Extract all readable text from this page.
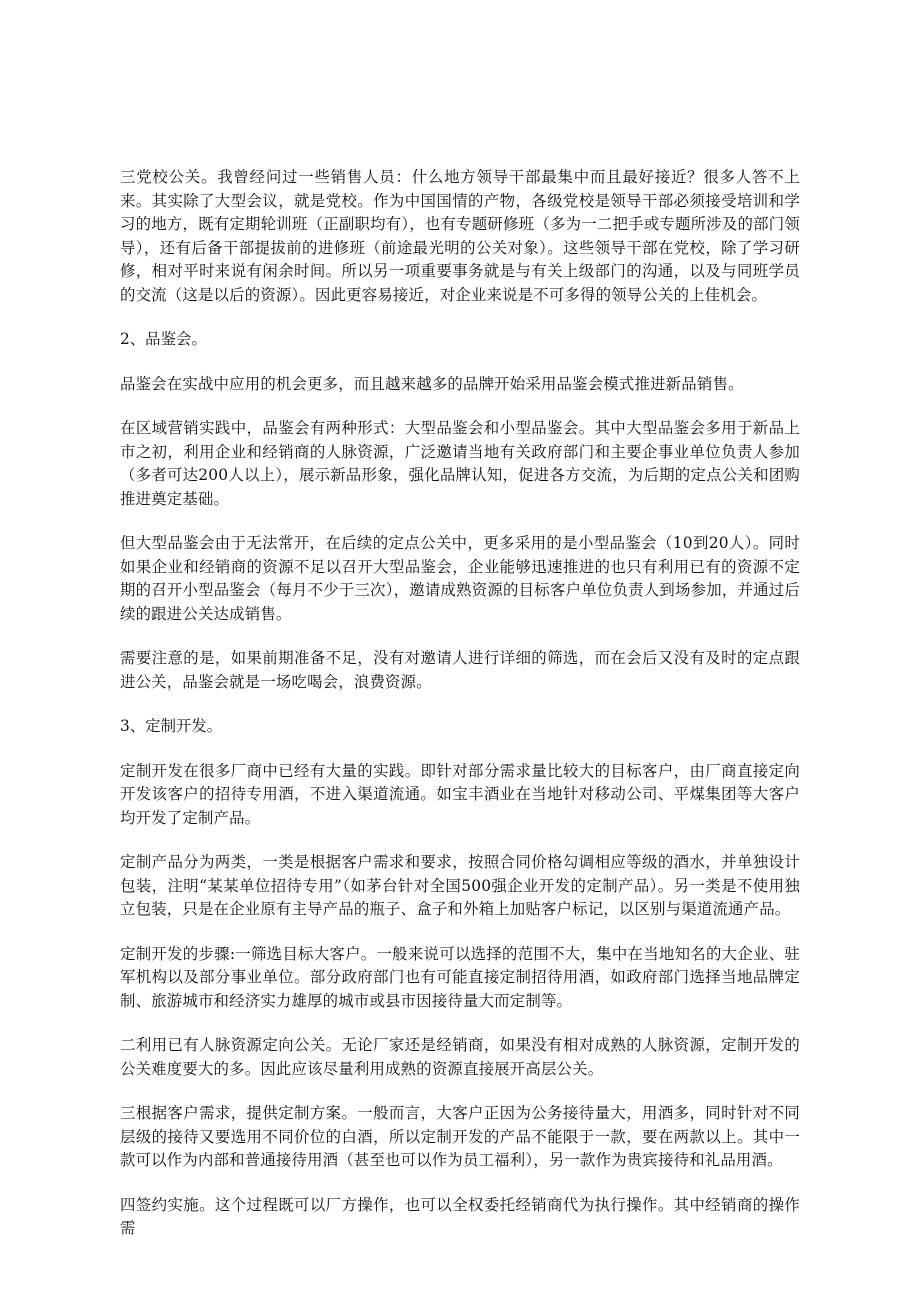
三党校公关。我曾经问过一些销售人员：什么地方领导干部最集中而且最好接近？很多人答不上来。其实除了大型会议，就是党校。作为中国国情的产物，各级党校是领导干部必须接受培训和学习的地方，既有定期轮训班（正副职均有），也有专题研修班（多为一二把手或专题所涉及的部门领导），还有后备干部提拔前的进修班（前途最光明的公关对象）。这些领导干部在党校，除了学习研修，相对平时来说有闲余时间。所以另一项重要事务就是与有关上级部门的沟通，以及与同班学员的交流（这是以后的资源）。因此更容易接近，对企业来说是不可多得的领导公关的上佳机会。

2、品鉴会。

品鉴会在实战中应用的机会更多，而且越来越多的品牌开始采用品鉴会模式推进新品销售。

在区域营销实践中，品鉴会有两种形式：大型品鉴会和小型品鉴会。其中大型品鉴会多用于新品上市之初，利用企业和经销商的人脉资源，广泛邀请当地有关政府部门和主要企事业单位负责人参加（多者可达200人以上），展示新品形象，强化品牌认知，促进各方交流，为后期的定点公关和团购推进奠定基础。

但大型品鉴会由于无法常开，在后续的定点公关中，更多采用的是小型品鉴会（10到20人）。同时如果企业和经销商的资源不足以召开大型品鉴会，企业能够迅速推进的也只有利用已有的资源不定期的召开小型品鉴会（每月不少于三次），邀请成熟资源的目标客户单位负责人到场参加，并通过后续的跟进公关达成销售。

需要注意的是，如果前期准备不足，没有对邀请人进行详细的筛选，而在会后又没有及时的定点跟进公关，品鉴会就是一场吃喝会，浪费资源。

3、定制开发。

定制开发在很多厂商中已经有大量的实践。即针对部分需求量比较大的目标客户，由厂商直接定向开发该客户的招待专用酒，不进入渠道流通。如宝丰酒业在当地针对移动公司、平煤集团等大客户均开发了定制产品。

定制产品分为两类，一类是根据客户需求和要求，按照合同价格勾调相应等级的酒水，并单独设计包装，注明“某某单位招待专用”（如茅台针对全国500强企业开发的定制产品）。另一类是不使用独立包装，只是在企业原有主导产品的瓶子、盒子和外箱上加贴客户标记，以区别与渠道流通产品。

定制开发的步骤:一筛选目标大客户。一般来说可以选择的范围不大，集中在当地知名的大企业、驻军机构以及部分事业单位。部分政府部门也有可能直接定制招待用酒，如政府部门选择当地品牌定制、旅游城市和经济实力雄厚的城市或县市因接待量大而定制等。

二利用已有人脉资源定向公关。无论厂家还是经销商，如果没有相对成熟的人脉资源，定制开发的公关难度要大的多。因此应该尽量利用成熟的资源直接展开高层公关。

三根据客户需求，提供定制方案。一般而言，大客户正因为公务接待量大，用酒多，同时针对不同层级的接待又要选用不同价位的白酒，所以定制开发的产品不能限于一款，要在两款以上。其中一款可以作为内部和普通接待用酒（甚至也可以作为员工福利），另一款作为贵宾接待和礼品用酒。

四签约实施。这个过程既可以厂方操作，也可以全权委托经销商代为执行操作。其中经销商的操作需
